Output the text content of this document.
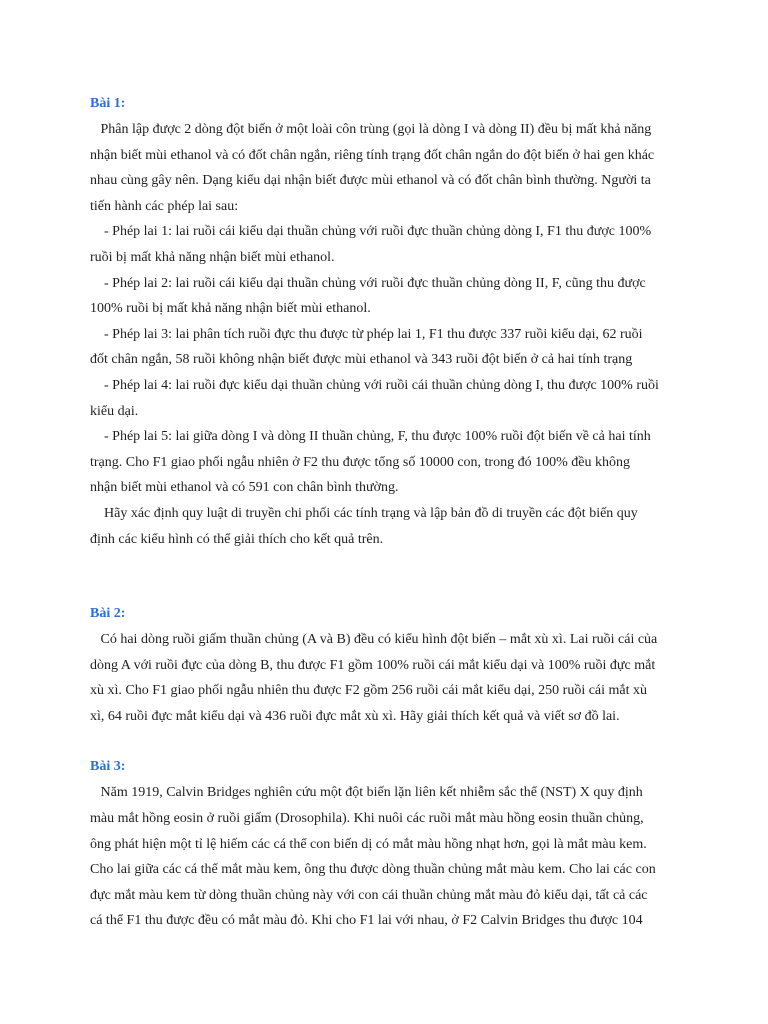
Bài 1:
Phân lập được 2 dòng đột biến ở một loài côn trùng (gọi là dòng I và dòng II) đều bị mất khả năng
nhận biết mùi ethanol và có đốt chân ngắn, riêng tính trạng đốt chân ngắn do đột biến ở hai gen khác
nhau cùng gây nên. Dạng kiểu dại nhận biết được mùi ethanol và có đốt chân bình thường. Người ta
tiến hành các phép lai sau:
- Phép lai 1: lai ruồi cái kiểu dại thuần chủng với ruồi đực thuần chủng dòng I, F1 thu được 100%
ruồi bị mất khả năng nhận biết mùi ethanol.
- Phép lai 2: lai ruồi cái kiểu dại thuần chủng với ruồi đực thuần chủng dòng II, F, cũng thu được
100% ruồi bị mất khả năng nhận biết mùi ethanol.
- Phép lai 3: lai phân tích ruồi đực thu được từ phép lai 1, F1 thu được 337 ruồi kiểu dại, 62 ruồi
đốt chân ngắn, 58 ruồi không nhận biết được mùi ethanol và 343 ruồi đột biến ở cả hai tính trạng
- Phép lai 4: lai ruồi đực kiểu dại thuần chủng với ruồi cái thuần chủng dòng I, thu được 100% ruồi
kiểu dại.
- Phép lai 5: lai giữa dòng I và dòng II thuần chủng, F, thu được 100% ruồi đột biến về cả hai tính
trạng. Cho F1 giao phối ngẫu nhiên ở F2 thu được tổng số 10000 con, trong đó 100% đều không
nhận biết mùi ethanol và có 591 con chân bình thường.
Hãy xác định quy luật di truyền chi phối các tính trạng và lập bản đồ di truyền các đột biến quy
định các kiểu hình có thể giải thích cho kết quả trên.
Bài 2:
Có hai dòng ruồi giấm thuần chủng (A và B) đều có kiểu hình đột biến – mắt xù xì. Lai ruồi cái của
dòng A với ruồi đực của dòng B, thu được F1 gồm 100% ruồi cái mắt kiểu dại và 100% ruồi đực mắt
xù xì. Cho F1 giao phối ngẫu nhiên thu được F2 gồm 256 ruồi cái mắt kiểu dại, 250 ruồi cái mắt xù
xì, 64 ruồi đực mắt kiểu dại và 436 ruồi đực mắt xù xì. Hãy giải thích kết quả và viết sơ đồ lai.
Bài 3:
Năm 1919, Calvin Bridges nghiên cứu một đột biến lặn liên kết nhiễm sắc thể (NST) X quy định
màu mắt hồng eosin ở ruồi giấm (Drosophila). Khi nuôi các ruồi mắt màu hồng eosin thuần chủng,
ông phát hiện một tỉ lệ hiếm các cá thể con biến dị có mắt màu hồng nhạt hơn, gọi là mắt màu kem.
Cho lai giữa các cá thể mắt màu kem, ông thu được dòng thuần chủng mắt màu kem. Cho lai các con
đực mắt màu kem từ dòng thuần chủng này với con cái thuần chủng mắt màu đỏ kiểu dại, tất cả các
cá thể F1 thu được đều có mắt màu đỏ. Khi cho F1 lai với nhau, ở F2 Calvin Bridges thu được 104
